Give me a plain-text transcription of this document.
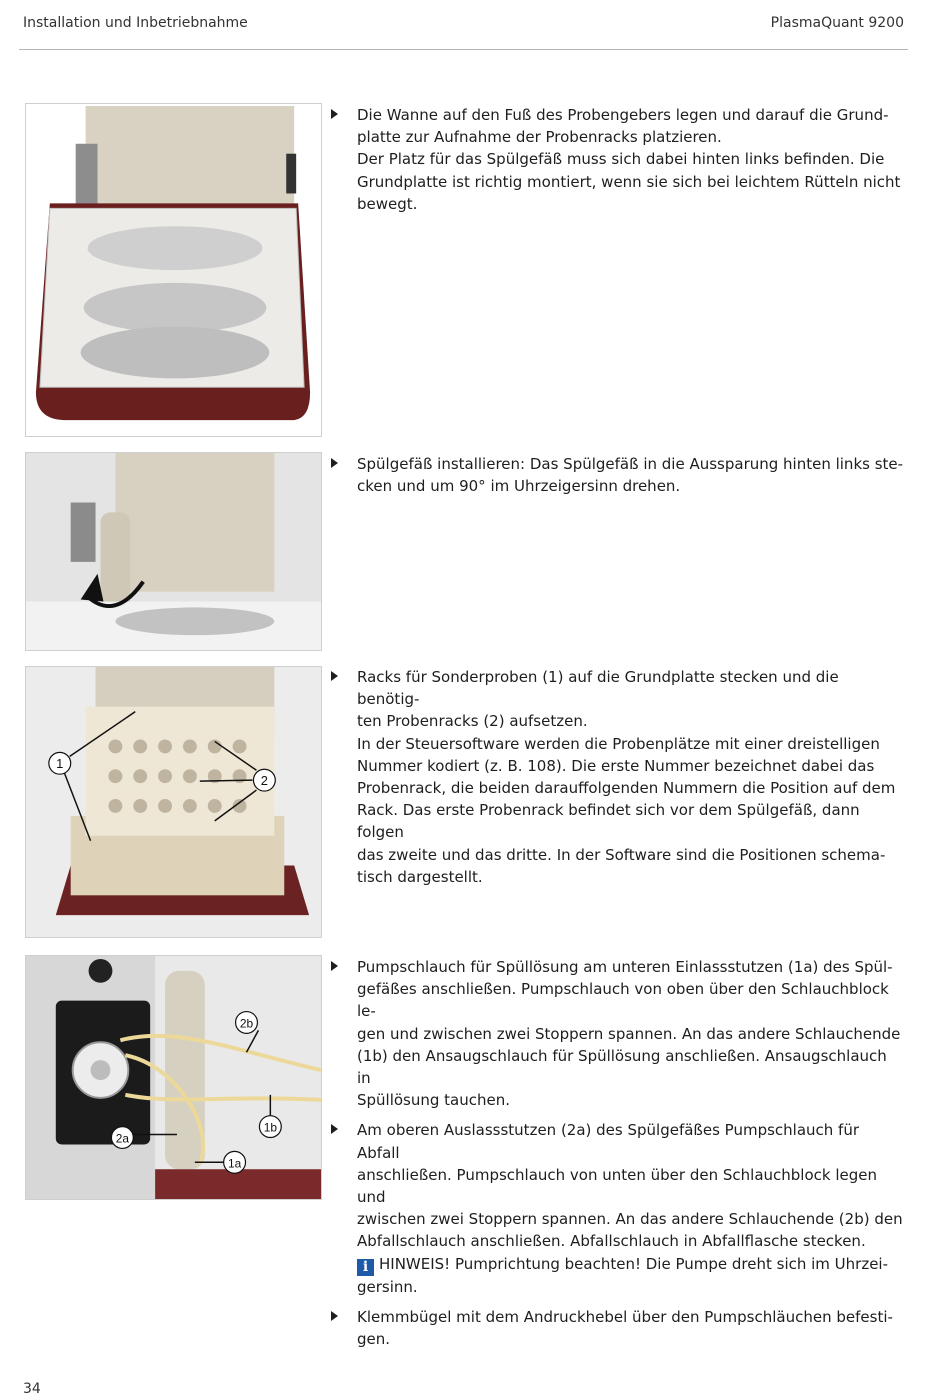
Installation und Inbetriebnahme	PlasmaQuant 9200
1
2
2b
1b
2a
1a
Die Wanne auf den Fuß des Probengebers legen und darauf die Grund-
platte zur Aufnahme der Probenracks platzieren.
Der Platz für das Spülgefäß muss sich dabei hinten links befinden. Die
Grundplatte ist richtig montiert, wenn sie sich bei leichtem Rütteln nicht
bewegt.
Spülgefäß installieren: Das Spülgefäß in die Aussparung hinten links ste-
cken und um 90° im Uhrzeigersinn drehen.
Racks für Sonderproben (1) auf die Grundplatte stecken und die benötig-
ten Probenracks (2) aufsetzen.
In der Steuersoftware werden die Probenplätze mit einer dreistelligen
Nummer kodiert (z. B. 108). Die erste Nummer bezeichnet dabei das
Probenrack, die beiden darauffolgenden Nummern die Position auf dem
Rack. Das erste Probenrack befindet sich vor dem Spülgefäß, dann folgen
das zweite und das dritte. In der Software sind die Positionen schema-
tisch dargestellt.
Pumpschlauch für Spüllösung am unteren Einlassstutzen (1a) des Spül-
gefäßes anschließen. Pumpschlauch von oben über den Schlauchblock le-
gen und zwischen zwei Stoppern spannen. An das andere Schlauchende
(1b) den Ansaugschlauch für Spüllösung anschließen. Ansaugschlauch in
Spüllösung tauchen.
Am oberen Auslassstutzen (2a) des Spülgefäßes Pumpschlauch für Abfall
anschließen. Pumpschlauch von unten über den Schlauchblock legen und
zwischen zwei Stoppern spannen. An das andere Schlauchende (2b) den
Abfallschlauch anschließen. Abfallschlauch in Abfallflasche stecken.
i HINWEIS! Pumprichtung beachten! Die Pumpe dreht sich im Uhrzei-
gersinn.
Klemmbügel mit dem Andruckhebel über den Pumpschläuchen befesti-
gen.
34
